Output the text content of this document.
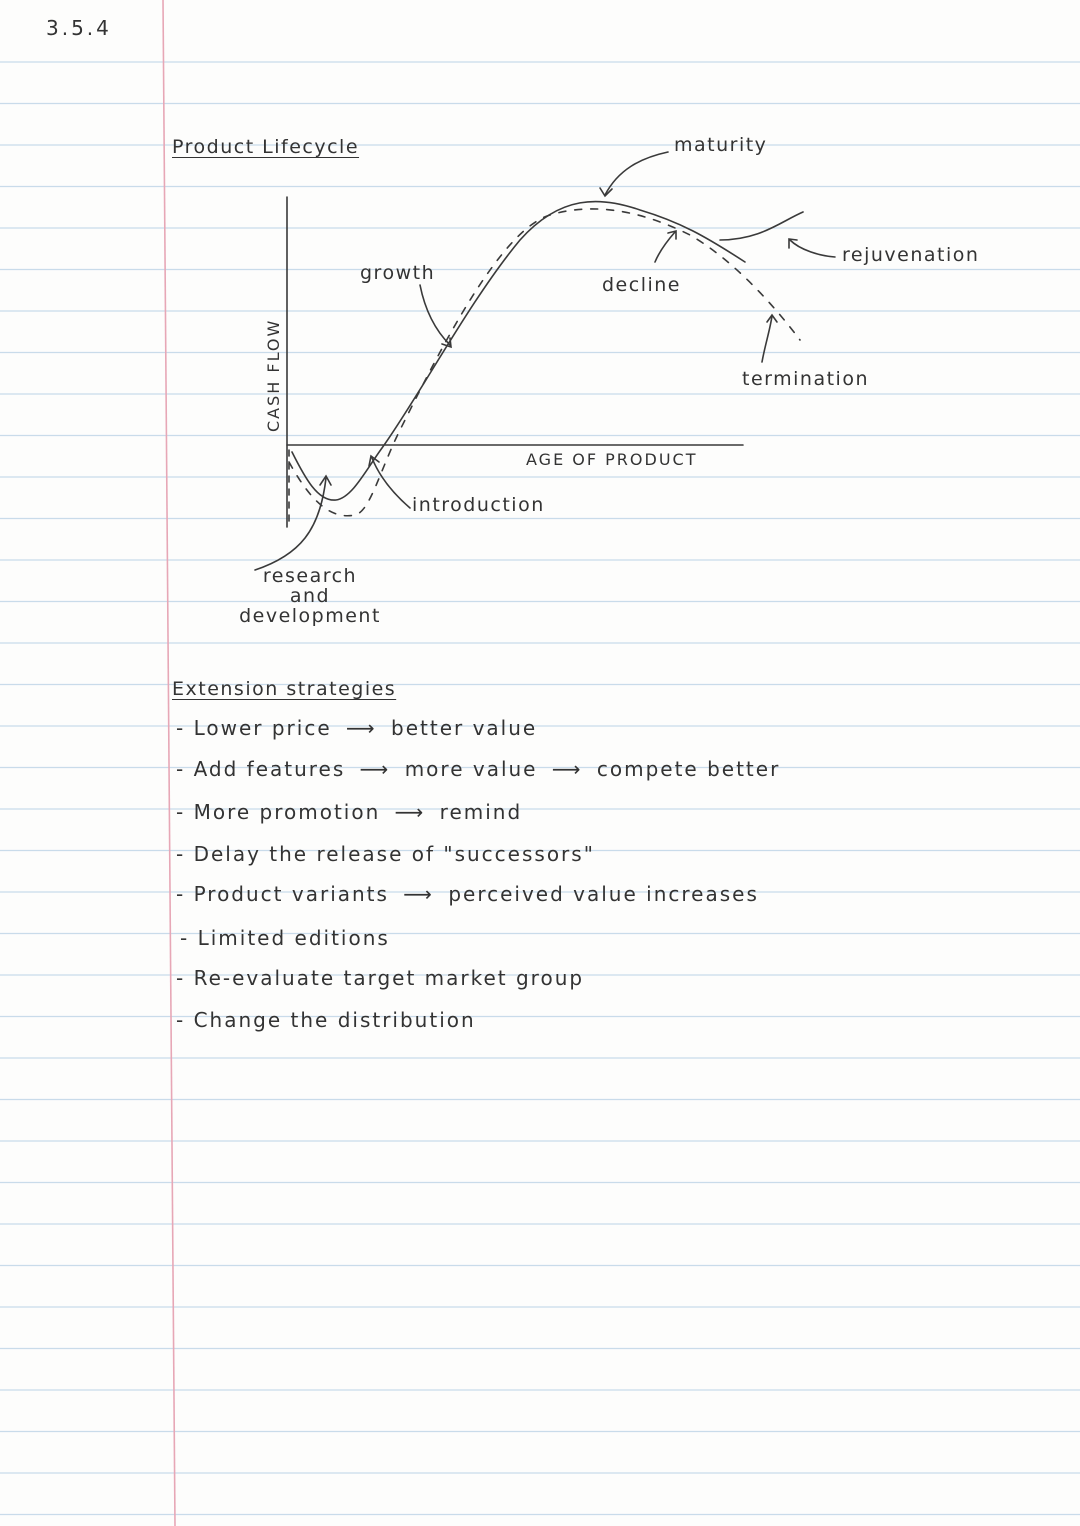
3.5.4
Product Lifecycle
CASH FLOW
AGE OF PRODUCT
maturity
growth
decline
rejuvenation
termination
introduction
research
and
development
Extension strategies
- Lower price ⟶ better value
- Add features ⟶ more value ⟶ compete better
- More promotion ⟶ remind
- Delay the release of "successors"
- Product variants ⟶ perceived value increases
- Limited editions
- Re-evaluate target market group
- Change the distribution
